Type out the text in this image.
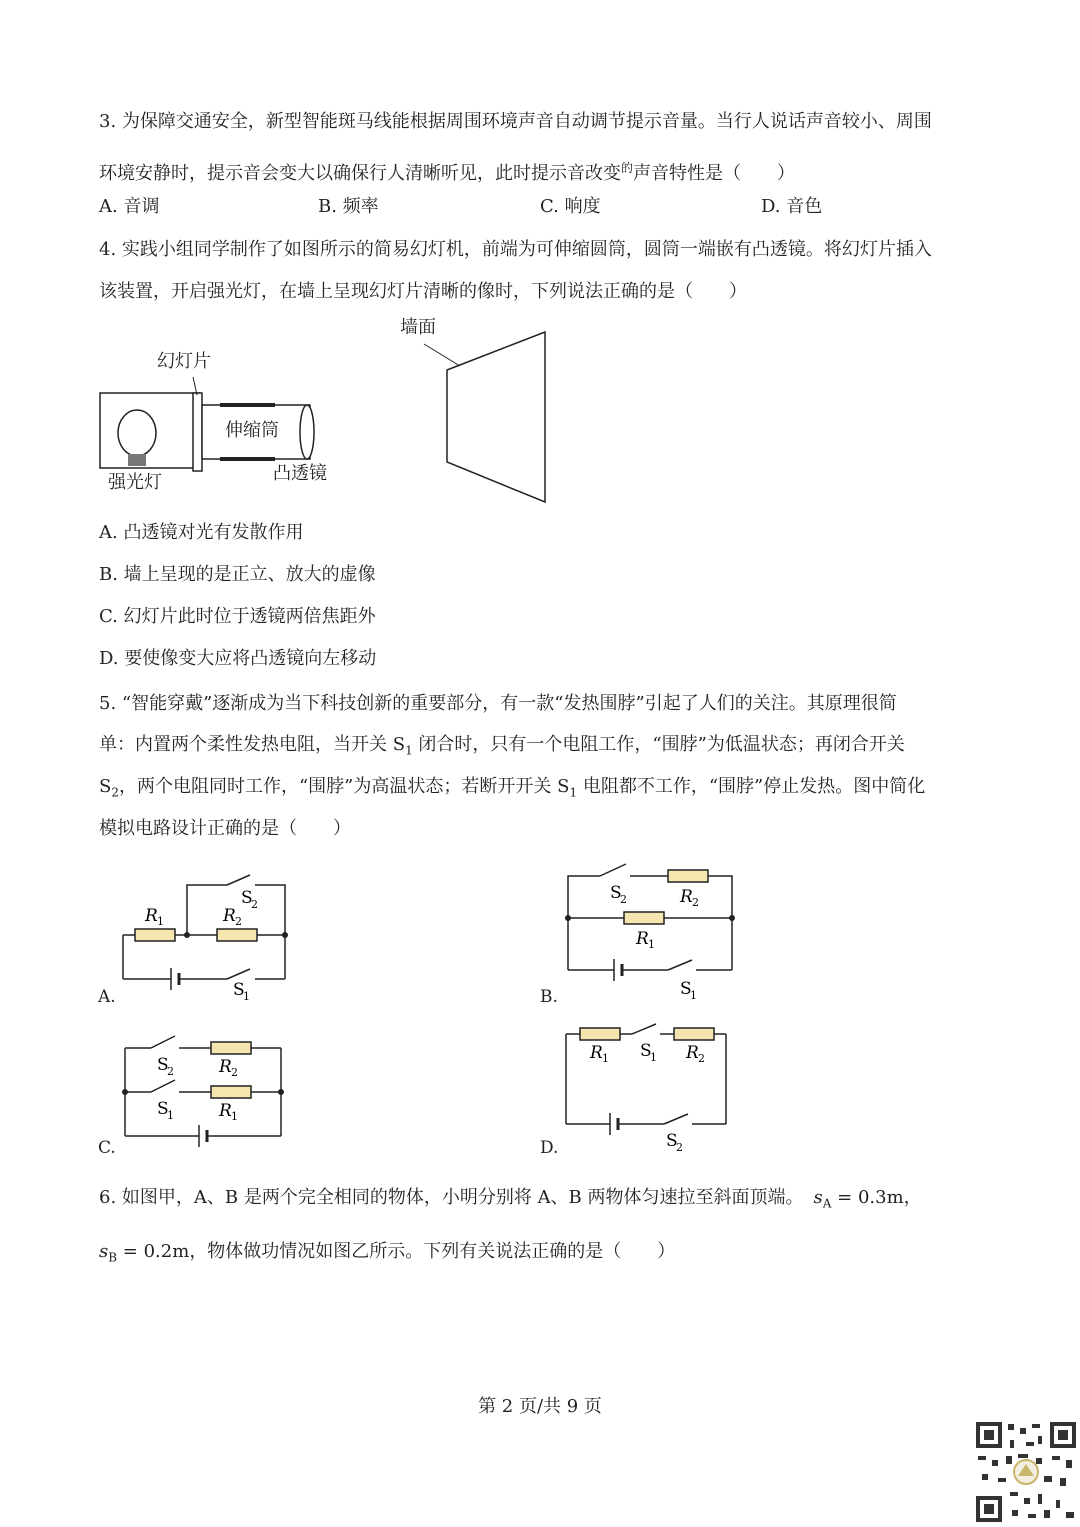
3. 为保障交通安全，新型智能斑马线能根据周围环境声音自动调节提示音量。当行人说话声音较小、周围
环境安静时，提示音会变大以确保行人清晰听见，此时提示音改变$^的$声音特性是（　　）
A. 音调	B. 频率	C. 响度	D. 音色
4. 实践小组同学制作了如图所示的简易幻灯机，前端为可伸缩圆筒，圆筒一端嵌有凸透镜。将幻灯片插入
该装置，开启强光灯，在墙上呈现幻灯片清晰的像时，下列说法正确的是（　　）
幻灯片
伸缩筒
强光灯	凸透镜
墙面
A. 凸透镜对光有发散作用
B. 墙上呈现的是正立、放大的虚像
C. 幻灯片此时位于透镜两倍焦距外
D. 要使像变大应将凸透镜向左移动
5. “智能穿戴”逐渐成为当下科技创新的重要部分，有一款“发热围脖”引起了人们的关注。其原理很简
单：内置两个柔性发热电阻，当开关 $S_1$ 闭合时，只有一个电阻工作，“围脖”为低温状态；再闭合开关
$S_2$，两个电阻同时工作，“围脖”为高温状态；若断开开关 $S_1$ 电阻都不工作，“围脖”停止发热。图中简化
模拟电路设计正确的是（　　）
R 1	R 2
S
2
S
1
A.
S
2	R 2
R 1
S
1
B.
S
2	R 2
S
1	R 1
C.
R 1 S
1 R 2
S
2
D.
6. 如图甲，A、B 是两个完全相同的物体，小明分别将 A、B 两物体匀速拉至斜面顶端。 $s_A = 0.3m$，
$s_B = 0.2m$，物体做功情况如图乙所示。下列有关说法正确的是（　　）
第 2 页/共 9 页
